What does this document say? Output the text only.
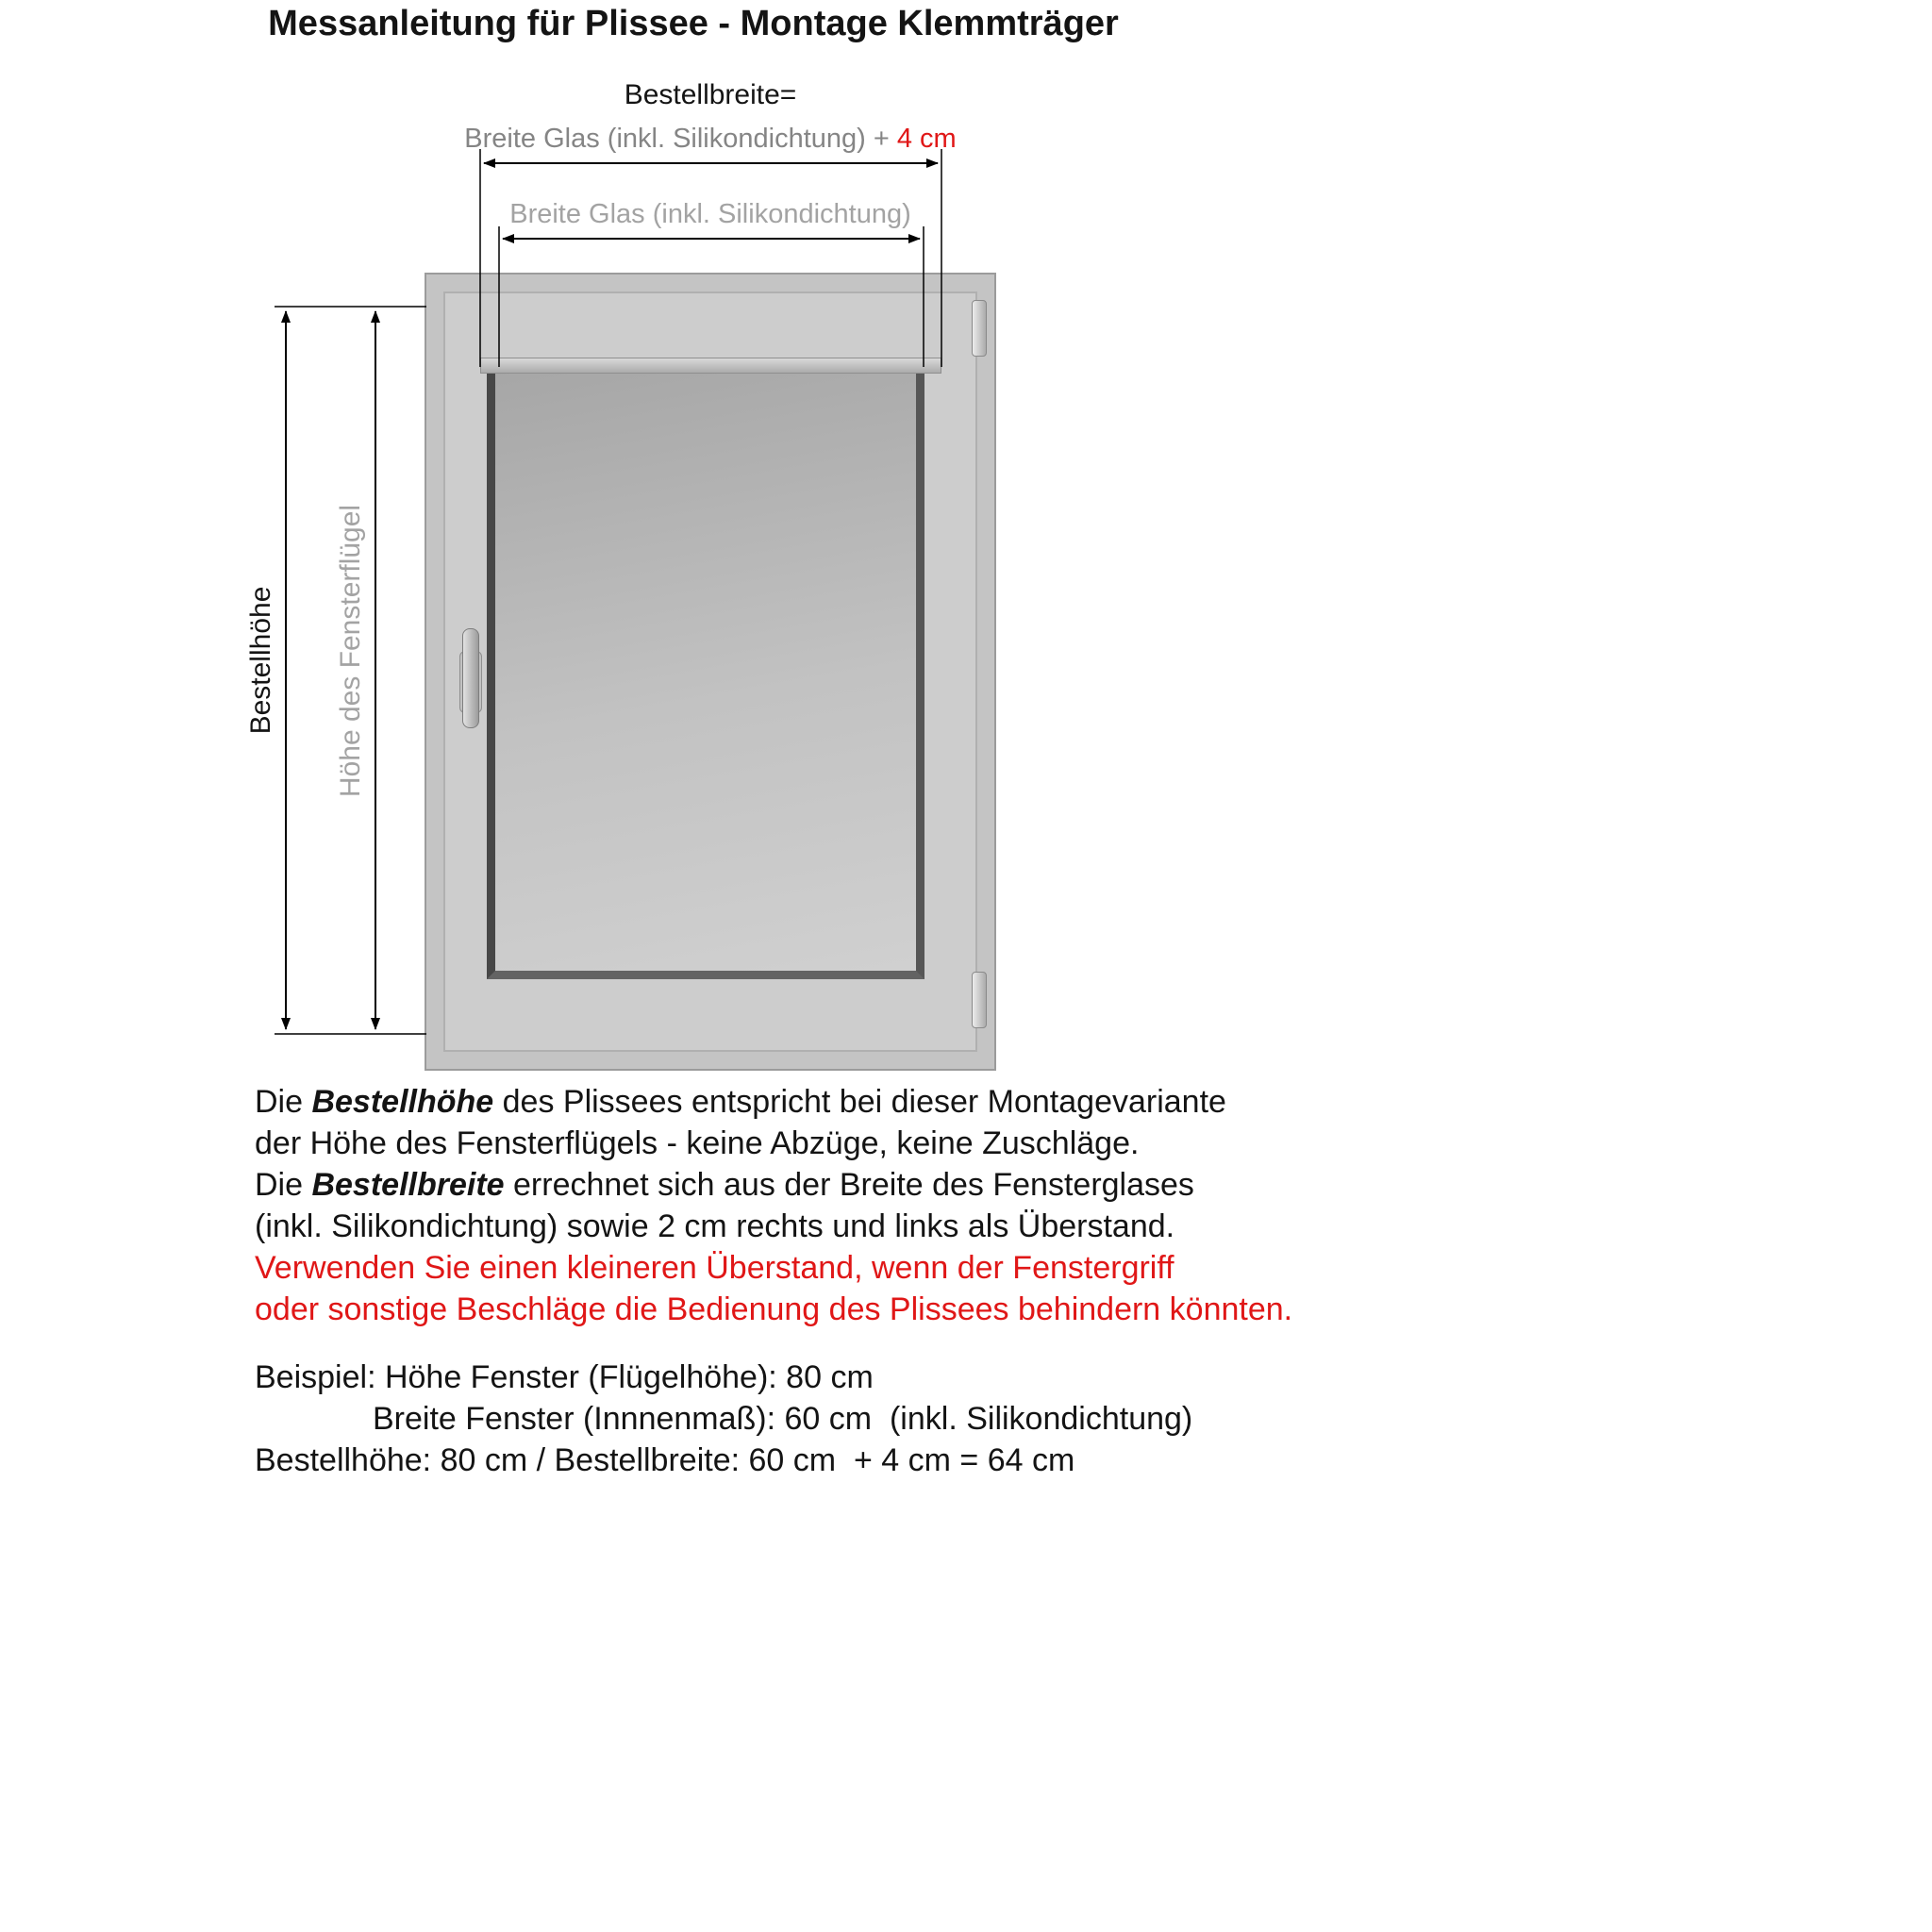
Messanleitung für Plissee - Montage Klemmträger
Bestellbreite=
Breite Glas (inkl. Silikondichtung) + 4 cm
Breite Glas (inkl. Silikondichtung)
Bestellhöhe Höhe des Fensterflügel
Die Bestellhöhe des Plissees entspricht bei dieser Montagevariante
der Höhe des Fensterflügels - keine Abzüge, keine Zuschläge.
Die Bestellbreite errechnet sich aus der Breite des Fensterglases
(inkl. Silikondichtung) sowie 2 cm rechts und links als Überstand.
Verwenden Sie einen kleineren Überstand, wenn der Fenstergriff
oder sonstige Beschläge die Bedienung des Plissees behindern könnten.
Beispiel: Höhe Fenster (Flügelhöhe): 80 cm
Breite Fenster (Innnenmaß): 60 cm  (inkl. Silikondichtung)
Bestellhöhe: 80 cm / Bestellbreite: 60 cm  + 4 cm = 64 cm
